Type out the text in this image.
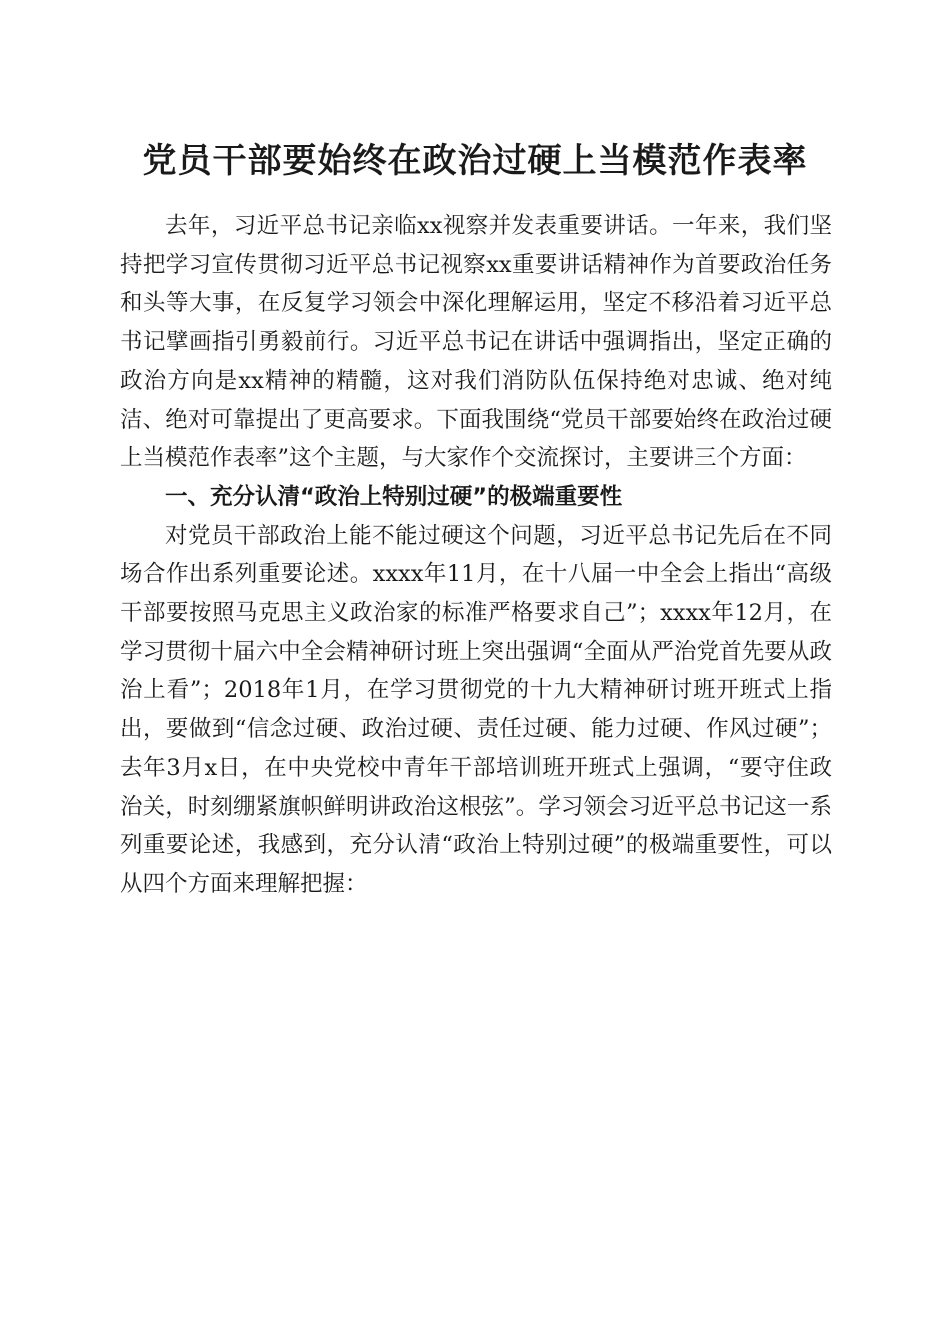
党员干部要始终在政治过硬上当模范作表率

去年，习近平总书记亲临xx视察并发表重要讲话。一年来，我们坚持把学习宣传贯彻习近平总书记视察xx重要讲话精神作为首要政治任务和头等大事，在反复学习领会中深化理解运用，坚定不移沿着习近平总书记擘画指引勇毅前行。习近平总书记在讲话中强调指出，坚定正确的政治方向是xx精神的精髓，这对我们消防队伍保持绝对忠诚、绝对纯洁、绝对可靠提出了更高要求。下面我围绕“党员干部要始终在政治过硬上当模范作表率”这个主题，与大家作个交流探讨，主要讲三个方面：

一、充分认清“政治上特别过硬”的极端重要性

对党员干部政治上能不能过硬这个问题，习近平总书记先后在不同场合作出系列重要论述。xxxx年11月，在十八届一中全会上指出“高级干部要按照马克思主义政治家的标准严格要求自己”；xxxx年12月，在学习贯彻十届六中全会精神研讨班上突出强调“全面从严治党首先要从政治上看”；2018年1月，在学习贯彻党的十九大精神研讨班开班式上指出，要做到“信念过硬、政治过硬、责任过硬、能力过硬、作风过硬”；去年3月x日，在中央党校中青年干部培训班开班式上强调，“要守住政治关，时刻绷紧旗帜鲜明讲政治这根弦”。学习领会习近平总书记这一系列重要论述，我感到，充分认清“政治上特别过硬”的极端重要性，可以从四个方面来理解把握：
